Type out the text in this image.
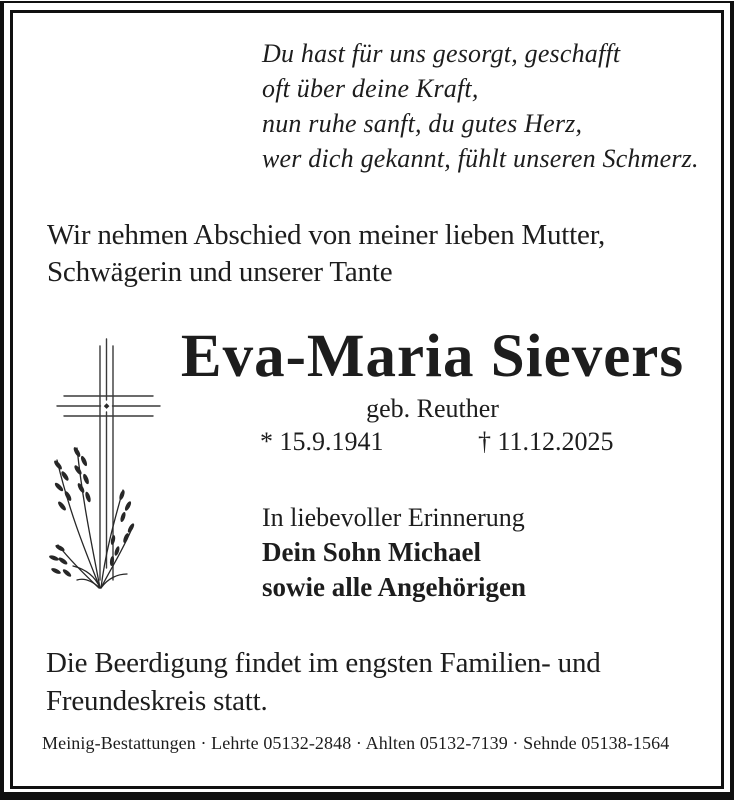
Du hast für uns gesorgt, geschafft
oft über deine Kraft,
nun ruhe sanft, du gutes Herz,
wer dich gekannt, fühlt unseren Schmerz.
Wir nehmen Abschied von meiner lieben Mutter,
Schwägerin und unserer Tante
Eva-Maria Sievers
geb. Reuther
* 15.9.1941	† 11.12.2025
In liebevoller Erinnerung
Dein Sohn Michael
sowie alle Angehörigen
Die Beerdigung findet im engsten Familien- und
Freundeskreis statt.
Meinig-Bestattungen · Lehrte 05132-2848 · Ahlten 05132-7139 · Sehnde 05138-1564
